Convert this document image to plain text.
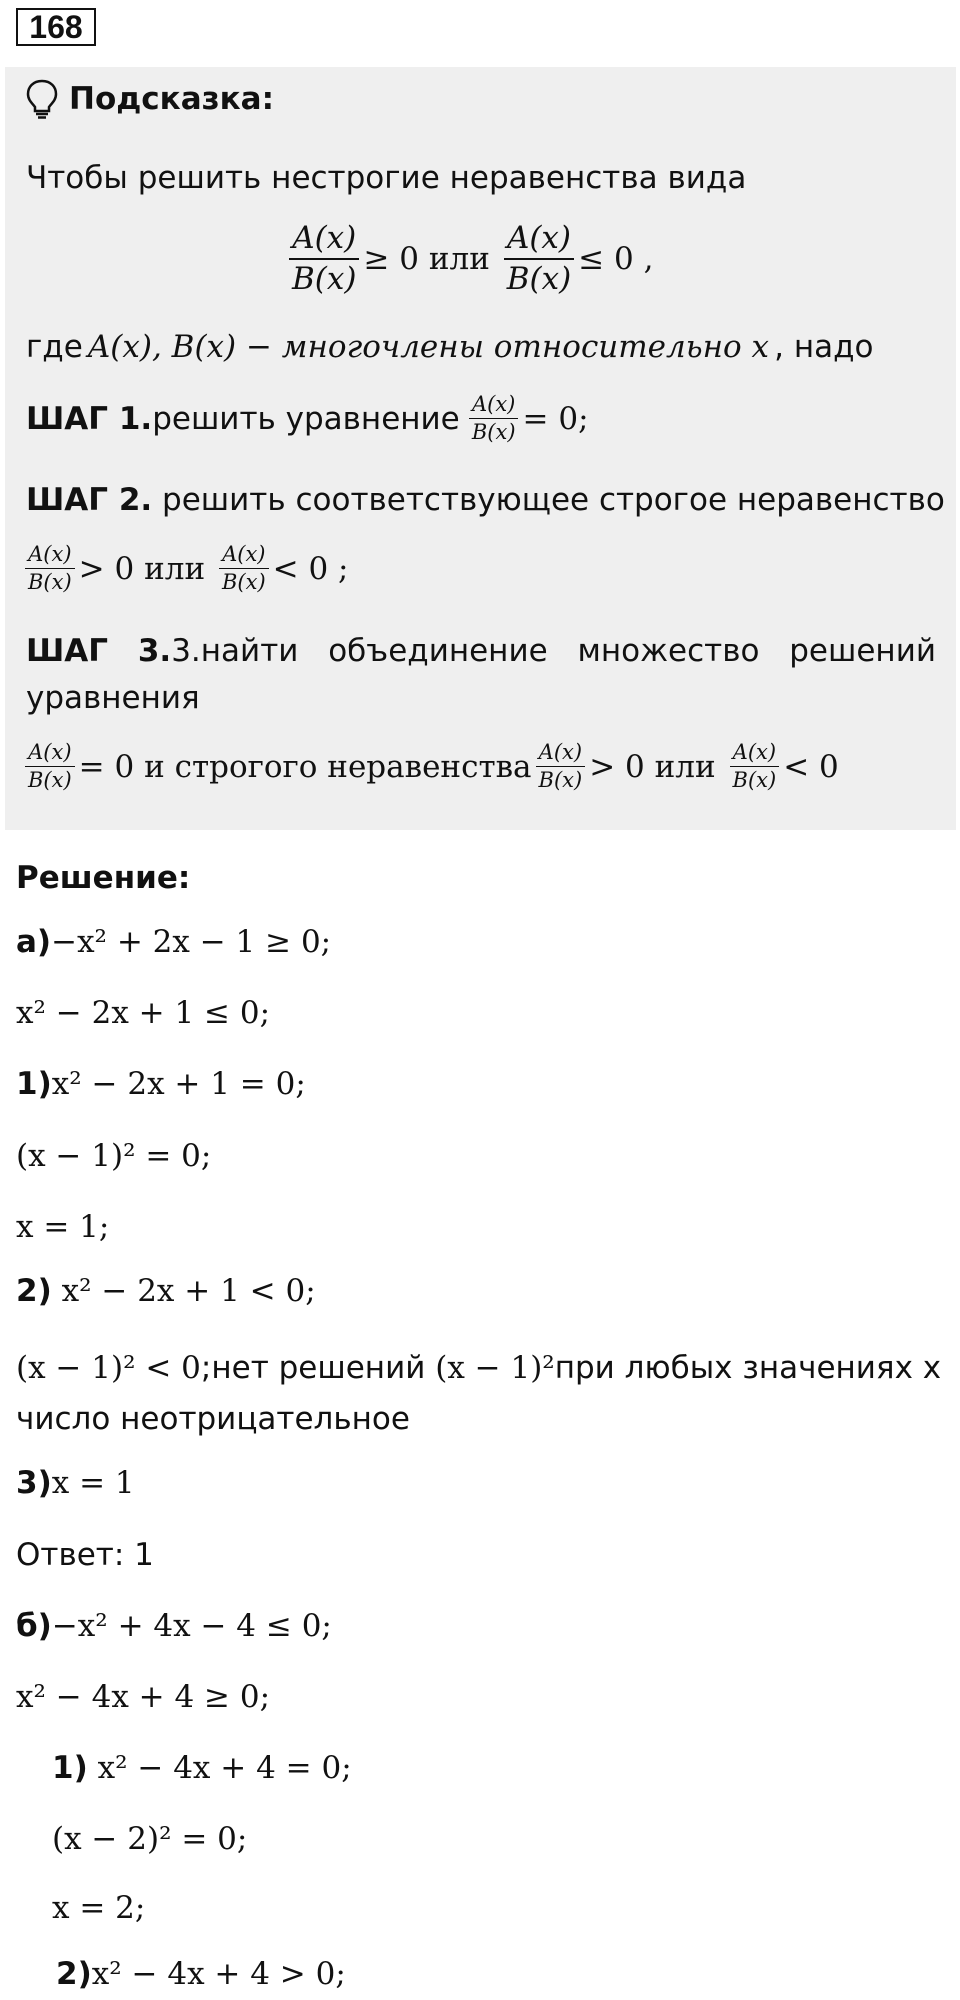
168
Подсказка:
Чтобы решить нестрогие неравенства вида
$\frac{A(x)}{B(x)} \ge 0$
или
$\frac{A(x)}{B(x)} \le 0$
,
где A(x), B(x) − многочлены относительно x , надо
ШАГ 1. решить уравнение
$\frac{A(x)}{B(x)} = 0$;
ШАГ 2. решить соответствующее строгое неравенство
$\frac{A(x)}{B(x)} > 0$
или
$\frac{A(x)}{B(x)} < 0$ ;
ШАГ 3.3.найти объединение множество решений
уравнения
$\frac{A(x)}{B(x)} = 0$
и строгого неравенства $\frac{A(x)}{B(x)} > 0$
или
$\frac{A(x)}{B(x)} < 0$
Решение:
а)−x² + 2x − 1 ≥ 0;
x² − 2x + 1 ≤ 0;
1)x² − 2x + 1 = 0;
(x − 1)² = 0;
x = 1;
2) x² − 2x + 1 < 0;
(x − 1)² < 0;нет решений (x − 1)²при любых значениях х
число неотрицательное
3)x = 1
Ответ: 1
б)−x² + 4x − 4 ≤ 0;
x² − 4x + 4 ≥ 0;
1) x² − 4x + 4 = 0;
(x − 2)² = 0;
x = 2;
2)x² − 4x + 4 > 0;
